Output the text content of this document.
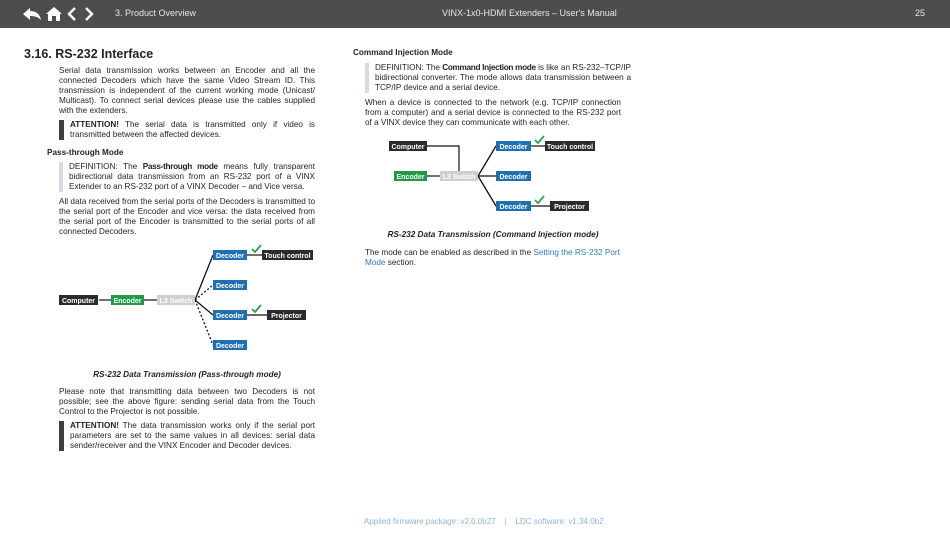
3. Product Overview	VINX-1x0-HDMI Extenders – User's Manual	25
3.16. RS-232 Interface

Serial data transmission works between an Encoder and all the connected Decoders which have the same Video Stream ID. This transmission is independent of the current working mode (Unicast/ Multicast). To connect serial devices please use the cables supplied with the extenders.

ATTENTION! The serial data is transmitted only if video is transmitted between the affected devices.

Pass-through Mode

DEFINITION: The Pass-through mode means fully transparent bidirectional data transmission from an RS-232 port of a VINX Extender to an RS-232 port of a VINX Decoder – and Vice versa.

All data received from the serial ports of the Decoders is transmitted to the serial port of the Encoder and vice versa: the data received from the serial port of the Encoder is transmitted to the serial ports of all connected Decoders.

Computer	Encoder	L3 Switch
Decoder
Decoder
Decoder
Decoder
Touch control
Projector

RS-232 Data Transmission (Pass-through mode)

Please note that transmitting data between two Decoders is not possible; see the above figure: sending serial data from the Touch Control to the Projector is not possible.

ATTENTION! The data transmission works only if the serial port parameters are set to the same values in all devices: serial data sender/receiver and the VINX Encoder and Decoder devices.

Command Injection Mode

DEFINITION: The Command Injection mode is like an RS-232–TCP/IP bidirectional converter. The mode allows data transmission between a TCP/IP device and a serial device.

When a device is connected to the network (e.g. TCP/IP connection from a computer) and a serial device is connected to the RS-232 port of a VINX device they can communicate with each other.

Computer
Encoder	L3 Switch
Decoder
Decoder
Decoder
Touch control
Projector

RS-232 Data Transmission (Command Injection mode)

The mode can be enabled as described in the Setting the RS-232 Port Mode section.

Applied firmware package: v2.0.0b27 | LDC software: v1.34.0b2
